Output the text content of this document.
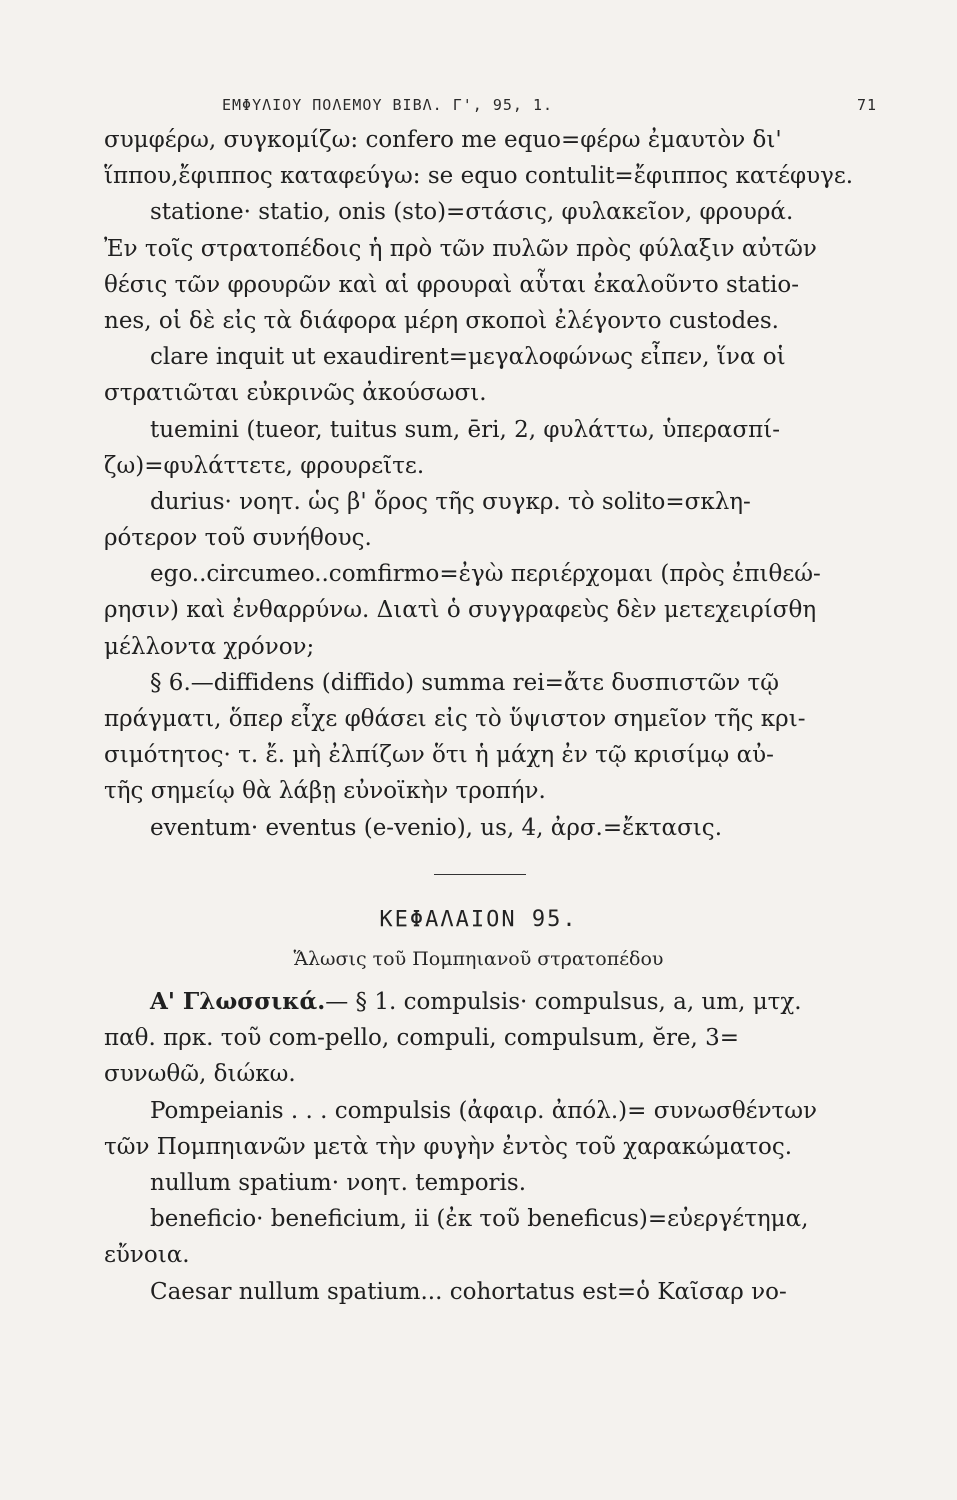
ΕΜΦΥΛΙΟΥ ΠΟΛΕΜΟΥ ΒΙΒΛ. Γ', 95, 1.	71
συμφέρω, συγκομίζω: confero me equo=φέρω ἐμαυτὸν δι'
ἵππου,ἔφιππος καταφεύγω: se equo contulit=ἔφιππος κατέφυγε.
statione· statio, onis (sto)=στάσις, φυλακεῖον, φρουρά.
Ἐν τοῖς στρατοπέδοις ἡ πρὸ τῶν πυλῶν πρὸς φύλαξιν αὐτῶν
θέσις τῶν φρουρῶν καὶ αἱ φρουραὶ αὗται ἐκαλοῦντο statio-
nes, οἱ δὲ εἰς τὰ διάφορα μέρη σκοποὶ ἐλέγοντο custodes.
clare inquit ut exaudirent=μεγαλοφώνως εἶπεν, ἵνα οἱ
στρατιῶται εὐκρινῶς ἀκούσωσι.
tuemini (tueor, tuitus sum, ēri, 2, φυλάττω, ὑπερασπί-
ζω)=φυλάττετε, φρουρεῖτε.
durius· νοητ. ὡς β' ὅρος τῆς συγκρ. τὸ solito=σκλη-
ρότερον τοῦ συνήθους.
ego..circumeo..comfirmo=ἐγὼ περιέρχομαι (πρὸς ἐπιθεώ-
ρησιν) καὶ ἐνθαρρύνω. Διατὶ ὁ συγγραφεὺς δὲν μετεχειρίσθη
μέλλοντα χρόνον;
§ 6.—diffidens (diffido) summa rei=ἄτε δυσπιστῶν τῷ
πράγματι, ὅπερ εἶχε φθάσει εἰς τὸ ὕψιστον σημεῖον τῆς κρι-
σιμότητος· τ. ἔ. μὴ ἐλπίζων ὅτι ἡ μάχη ἐν τῷ κρισίμῳ αὐ-
τῆς σημείῳ θὰ λάβῃ εὐνοϊκὴν τροπήν.
eventum· eventus (e-venio), us, 4, ἀρσ.=ἔκτασις.
ΚΕΦΑΛΑΙΟΝ 95.
Ἅλωσις τοῦ Πομπηιανοῦ στρατοπέδου
Α' Γλωσσικά.— § 1. compulsis· compulsus, a, um, μτχ.
παθ. πρκ. τοῦ com-pello, compuli, compulsum, ĕre, 3=
συνωθῶ, διώκω.
Pompeianis . . . compulsis (ἀφαιρ. ἀπόλ.)= συνωσθέντων
τῶν Πομπηιανῶν μετὰ τὴν φυγὴν ἐντὸς τοῦ χαρακώματος.
nullum spatium· νοητ. temporis.
beneficio· beneficium, ii (ἐκ τοῦ beneficus)=εὐεργέτημα,
εὔνοια.
Caesar nullum spatium... cohortatus est=ὁ Καῖσαρ νο-
